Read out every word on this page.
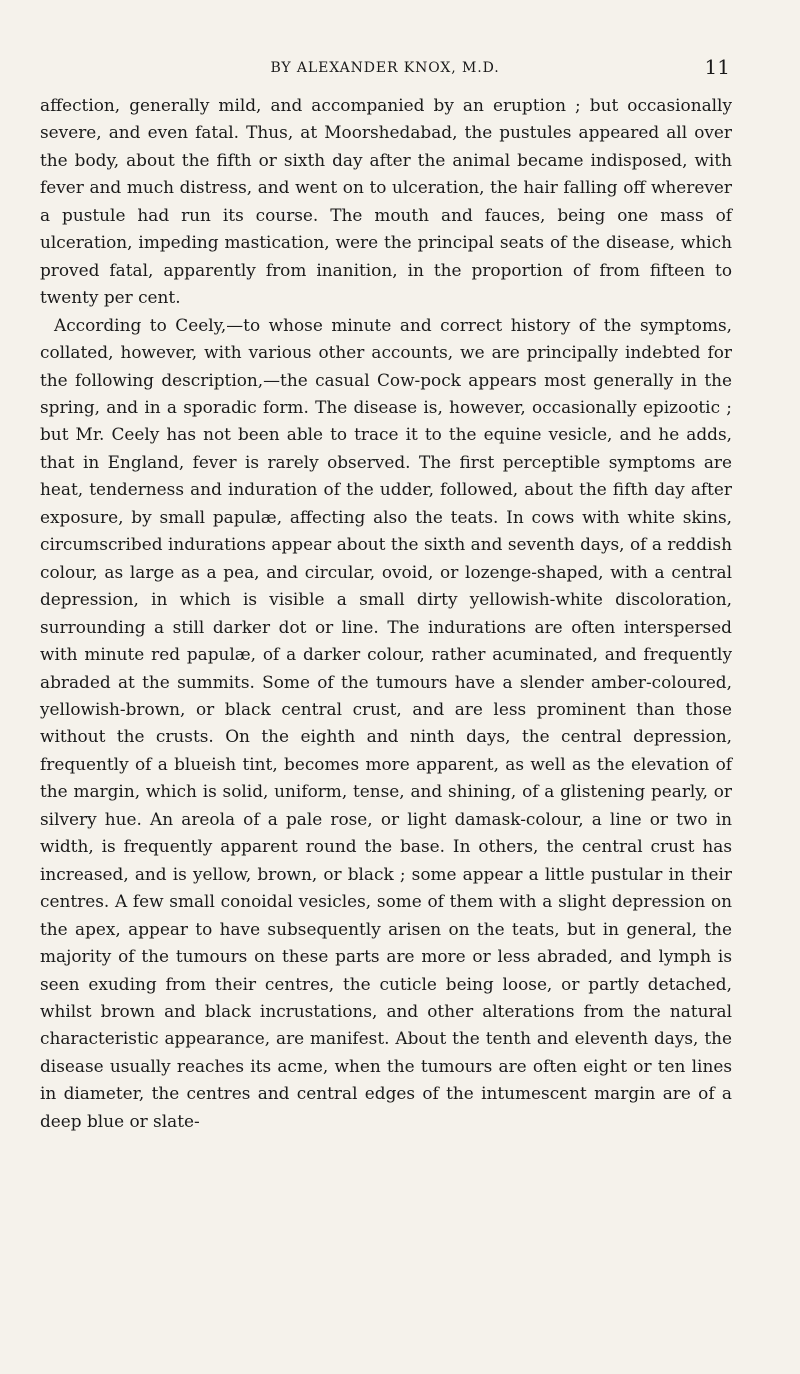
BY ALEXANDER KNOX, M.D.	11

affection, generally mild, and accompanied by an eruption ; but occasionally severe, and even fatal. Thus, at Moorshedabad, the pustules appeared all over the body, about the fifth or sixth day after the animal became indisposed, with fever and much distress, and went on to ulceration, the hair falling off wherever a pustule had run its course. The mouth and fauces, being one mass of ulceration, impeding mastication, were the principal seats of the disease, which proved fatal, apparently from inanition, in the proportion of from fifteen to twenty per cent.

According to Ceely,—to whose minute and correct history of the symptoms, collated, however, with various other accounts, we are principally indebted for the following description,—the casual Cow-pock appears most generally in the spring, and in a sporadic form. The disease is, however, occasionally epizootic ; but Mr. Ceely has not been able to trace it to the equine vesicle, and he adds, that in England, fever is rarely observed. The first perceptible symptoms are heat, tenderness and induration of the udder, followed, about the fifth day after exposure, by small papulæ, affecting also the teats. In cows with white skins, circumscribed indurations appear about the sixth and seventh days, of a reddish colour, as large as a pea, and circular, ovoid, or lozenge-shaped, with a central depression, in which is visible a small dirty yellowish-white discoloration, surrounding a still darker dot or line. The indurations are often interspersed with minute red papulæ, of a darker colour, rather acuminated, and frequently abraded at the summits. Some of the tumours have a slender amber-coloured, yellowish-brown, or black central crust, and are less prominent than those without the crusts. On the eighth and ninth days, the central depression, frequently of a blueish tint, becomes more apparent, as well as the elevation of the margin, which is solid, uniform, tense, and shining, of a glistening pearly, or silvery hue. An areola of a pale rose, or light damask-colour, a line or two in width, is frequently apparent round the base. In others, the central crust has increased, and is yellow, brown, or black ; some appear a little pustular in their centres. A few small conoidal vesicles, some of them with a slight depression on the apex, appear to have subsequently arisen on the teats, but in general, the majority of the tumours on these parts are more or less abraded, and lymph is seen exuding from their centres, the cuticle being loose, or partly detached, whilst brown and black incrustations, and other alterations from the natural characteristic appearance, are manifest. About the tenth and eleventh days, the disease usually reaches its acme, when the tumours are often eight or ten lines in diameter, the centres and central edges of the intumescent margin are of a deep blue or slate-
